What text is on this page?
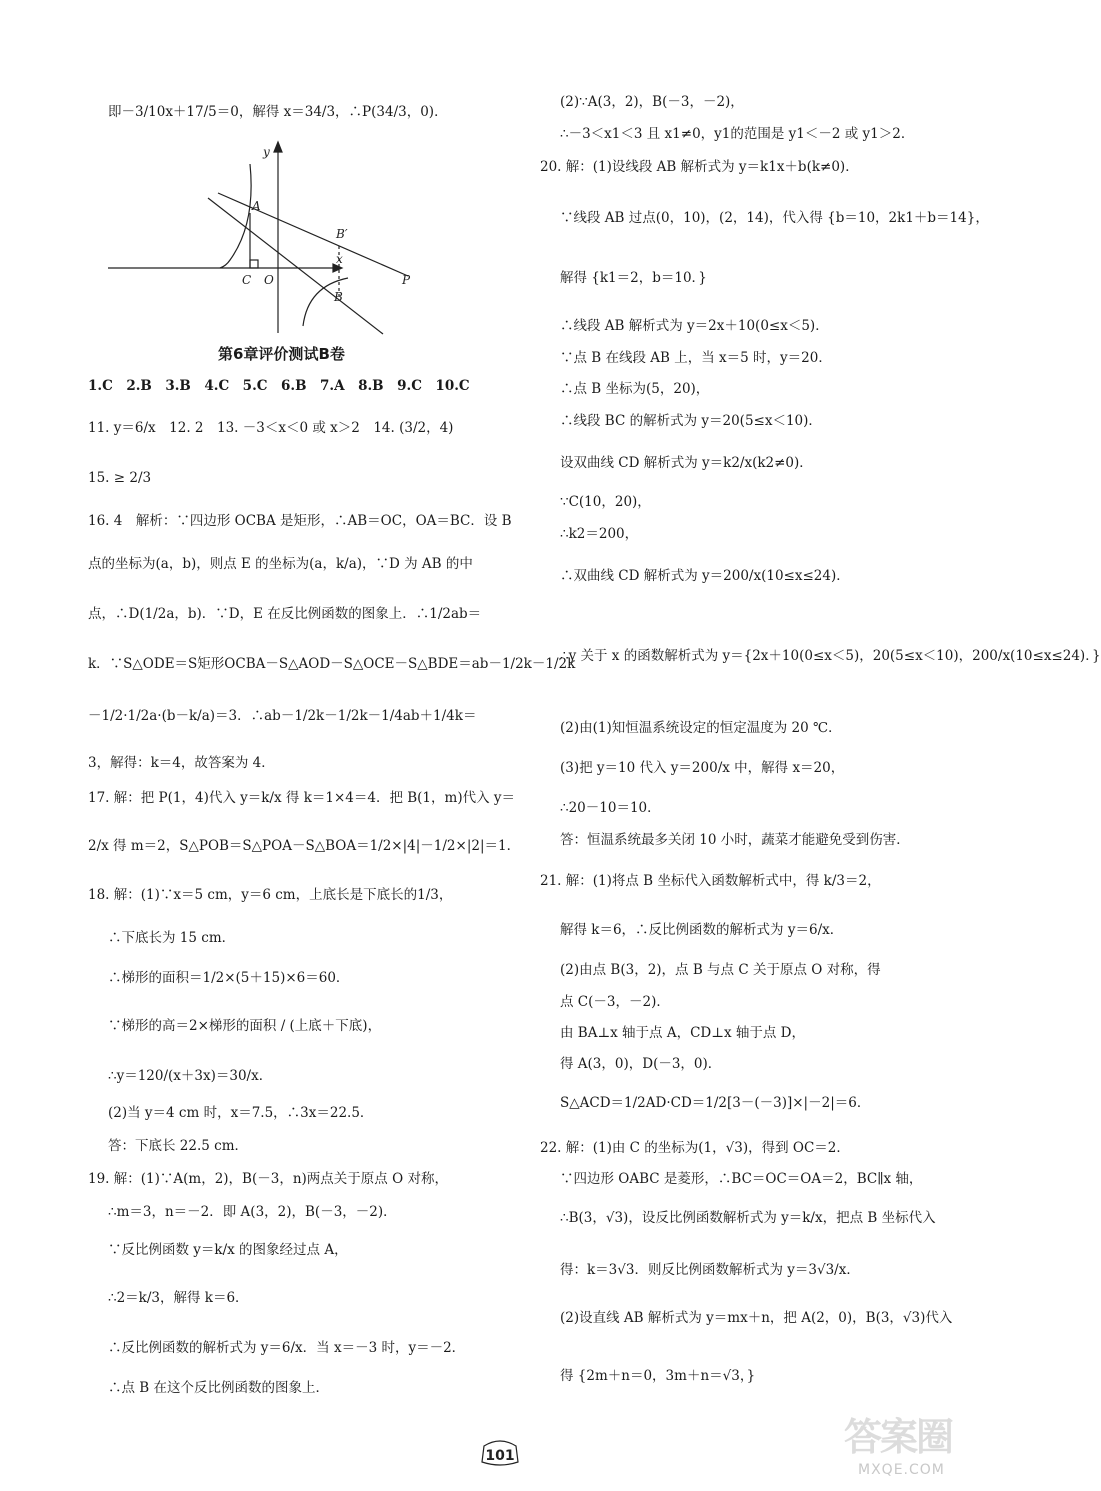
即－3/10x＋17/5＝0，解得 x＝34/3，∴P(34/3，0)．
第6章评价测试B卷
1.C　2.B　3.B　4.C　5.C　6.B　7.A　8.B　9.C　10.C
11. y＝6/x　12. 2　13. －3＜x＜0 或 x＞2　14. (3/2，4)
15. ≥ 2/3
16. 4　解析：∵四边形 OCBA 是矩形，∴AB＝OC，OA＝BC．设 B
点的坐标为(a，b)，则点 E 的坐标为(a，k/a)，∵D 为 AB 的中
点，∴D(1/2a，b)．∵D，E 在反比例函数的图象上．∴1/2ab＝
k．∵S△ODE＝S矩形OCBA－S△AOD－S△OCE－S△BDE＝ab－1/2k－1/2k
－1/2·1/2a·(b－k/a)＝3．∴ab－1/2k－1/2k－1/4ab＋1/4k＝
3，解得：k＝4，故答案为 4．
17. 解：把 P(1，4)代入 y＝k/x 得 k＝1×4＝4．把 B(1，m)代入 y＝
2/x 得 m＝2，S△POB＝S△POA－S△BOA＝1/2×|4|－1/2×|2|＝1．
18. 解：(1)∵x＝5 cm，y＝6 cm，上底长是下底长的1/3，
∴下底长为 15 cm．
∴梯形的面积＝1/2×(5＋15)×6＝60．
∵梯形的高＝2×梯形的面积 / (上底＋下底)，
∴y＝120/(x＋3x)＝30/x．
(2)当 y＝4 cm 时，x＝7.5，∴3x＝22.5．
答：下底长 22.5 cm．
19. 解：(1)∵A(m，2)，B(－3，n)两点关于原点 O 对称，
∴m＝3，n＝－2．即 A(3，2)，B(－3，－2)．
∵反比例函数 y＝k/x 的图象经过点 A，
∴2＝k/3，解得 k＝6．
∴反比例函数的解析式为 y＝6/x．当 x＝－3 时，y＝－2．
∴点 B 在这个反比例函数的图象上．
y
x
A
B′
C O
B
P
(2)∵A(3，2)，B(－3，－2)，
∴－3＜x1＜3 且 x1≠0，y1的范围是 y1＜－2 或 y1＞2．
20. 解：(1)设线段 AB 解析式为 y＝k1x＋b(k≠0)．
∵线段 AB 过点(0，10)，(2，14)，代入得 {b＝10，2k1＋b＝14}，
解得 {k1＝2，b＝10．}
∴线段 AB 解析式为 y＝2x＋10(0≤x＜5)．
∵点 B 在线段 AB 上，当 x＝5 时，y＝20．
∴点 B 坐标为(5，20)，
∴线段 BC 的解析式为 y＝20(5≤x＜10)．
设双曲线 CD 解析式为 y＝k2/x(k2≠0)．
∵C(10，20)，
∴k2＝200，
∴双曲线 CD 解析式为 y＝200/x(10≤x≤24)．
∴y 关于 x 的函数解析式为 y＝{2x＋10(0≤x＜5)，20(5≤x＜10)，200/x(10≤x≤24)．}
(2)由(1)知恒温系统设定的恒定温度为 20 ℃．
(3)把 y＝10 代入 y＝200/x 中，解得 x＝20，
∴20－10＝10．
答：恒温系统最多关闭 10 小时，蔬菜才能避免受到伤害．
21. 解：(1)将点 B 坐标代入函数解析式中，得 k/3＝2，
解得 k＝6，∴反比例函数的解析式为 y＝6/x．
(2)由点 B(3，2)，点 B 与点 C 关于原点 O 对称，得
点 C(－3，－2)．
由 BA⊥x 轴于点 A，CD⊥x 轴于点 D，
得 A(3，0)，D(－3，0)．
S△ACD＝1/2AD·CD＝1/2[3－(－3)]×|－2|＝6．
22. 解：(1)由 C 的坐标为(1，√3)，得到 OC＝2．
∵四边形 OABC 是菱形，∴BC＝OC＝OA＝2，BC∥x 轴，
∴B(3，√3)，设反比例函数解析式为 y＝k/x，把点 B 坐标代入
得：k＝3√3．则反比例函数解析式为 y＝3√3/x．
(2)设直线 AB 解析式为 y＝mx＋n，把 A(2，0)，B(3，√3)代入
得 {2m＋n＝0，3m＋n＝√3，}
101	答案圈
MXQE.COM
